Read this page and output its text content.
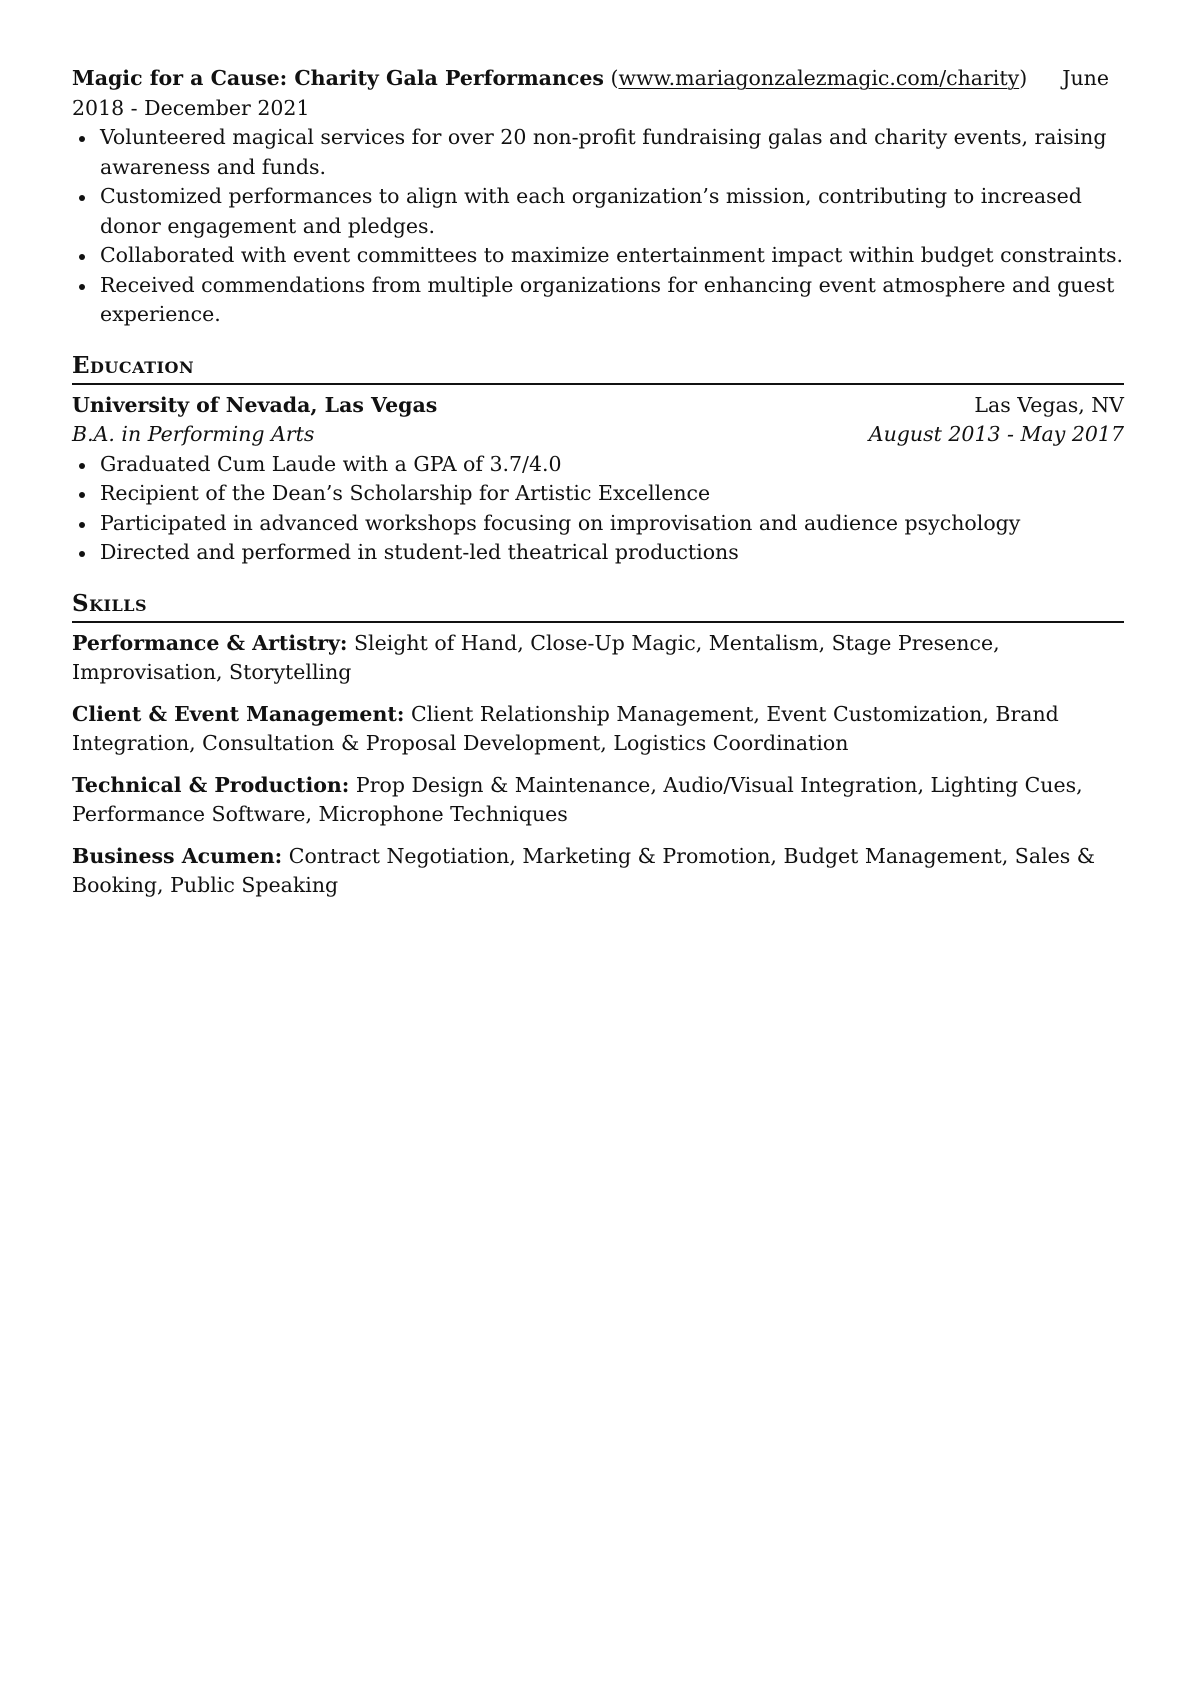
Magic for a Cause: Charity Gala Performances (www.mariagonzalezmagic.com/charity) June 2018 - December 2021
Volunteered magical services for over 20 non-profit fundraising galas and charity events, raising awareness and funds.
Customized performances to align with each organization’s mission, contributing to increased donor engagement and pledges.
Collaborated with event committees to maximize entertainment impact within budget constraints.
Received commendations from multiple organizations for enhancing event atmosphere and guest experience.
Education
University of Nevada, Las Vegas	Las Vegas, NV
B.A. in Performing Arts	August 2013 - May 2017
Graduated Cum Laude with a GPA of 3.7/4.0
Recipient of the Dean’s Scholarship for Artistic Excellence
Participated in advanced workshops focusing on improvisation and audience psychology
Directed and performed in student-led theatrical productions
Skills
Performance & Artistry: Sleight of Hand, Close-Up Magic, Mentalism, Stage Presence, Improvisation, Storytelling
Client & Event Management: Client Relationship Management, Event Customization, Brand Integration, Consultation & Proposal Development, Logistics Coordination
Technical & Production: Prop Design & Maintenance, Audio/Visual Integration, Lighting Cues, Performance Software, Microphone Techniques
Business Acumen: Contract Negotiation, Marketing & Promotion, Budget Management, Sales & Booking, Public Speaking
